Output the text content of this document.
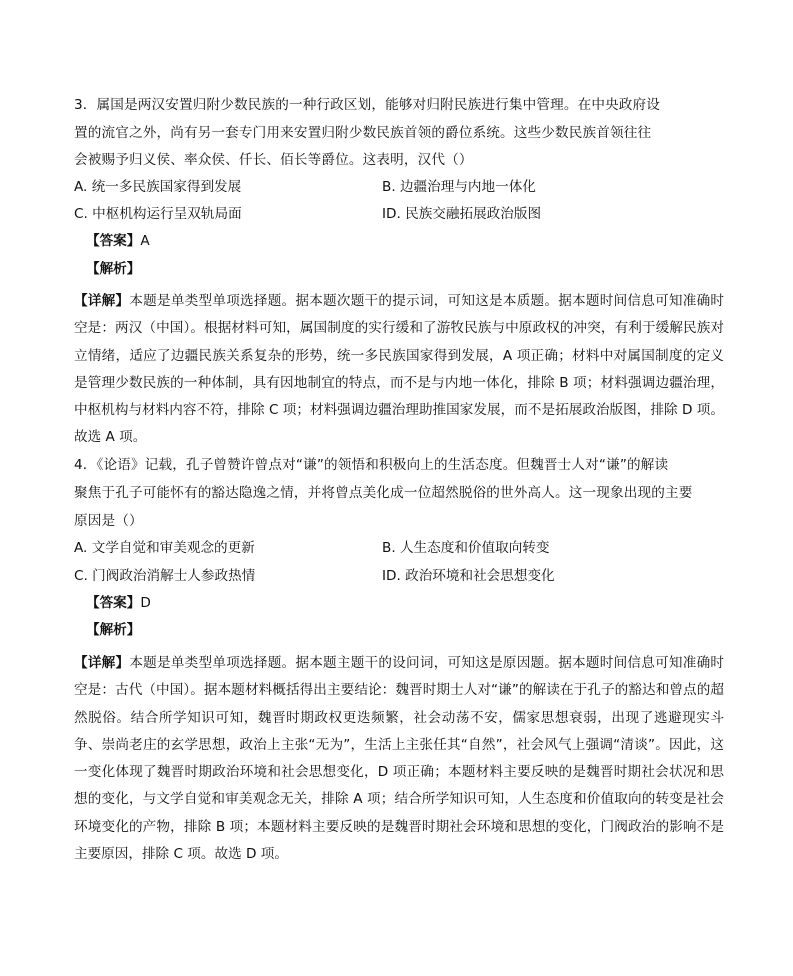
3．属国是两汉安置归附少数民族的一种行政区划，能够对归附民族进行集中管理。在中央政府设
置的流官之外，尚有另一套专门用来安置归附少数民族首领的爵位系统。这些少数民族首领往往
会被赐予归义侯、率众侯、仟长、佰长等爵位。这表明，汉代（）
A. 统一多民族国家得到发展	B. 边疆治理与内地一体化
C. 中枢机构运行呈双轨局面	ID. 民族交融拓展政治版图
【答案】A
【解析】
【详解】本题是单类型单项选择题。据本题次题干的提示词，可知这是本质题。据本题时间信息可知准确时空是：两汉（中国）。根据材料可知，属国制度的实行缓和了游牧民族与中原政权的冲突，有利于缓解民族对立情绪，适应了边疆民族关系复杂的形势，统一多民族国家得到发展，A 项正确；材料中对属国制度的定义是管理少数民族的一种体制，具有因地制宜的特点，而不是与内地一体化，排除 B 项；材料强调边疆治理，中枢机构与材料内容不符，排除 C 项；材料强调边疆治理助推国家发展，而不是拓展政治版图，排除 D 项。故选 A 项。
4．《论语》记载，孔子曾赞许曾点对“谦”的领悟和积极向上的生活态度。但魏晋士人对“谦”的解读
聚焦于孔子可能怀有的豁达隐逸之情，并将曾点美化成一位超然脱俗的世外高人。这一现象出现的主要
原因是（）
A. 文学自觉和审美观念的更新	B. 人生态度和价值取向转变
C. 门阀政治消解士人参政热情	ID. 政治环境和社会思想变化
【答案】D
【解析】
【详解】本题是单类型单项选择题。据本题主题干的设问词，可知这是原因题。据本题时间信息可知准确时空是：古代（中国）。据本题材料概括得出主要结论：魏晋时期士人对“谦”的解读在于孔子的豁达和曾点的超然脱俗。结合所学知识可知，魏晋时期政权更迭频繁，社会动荡不安，儒家思想衰弱，出现了逃避现实斗争、崇尚老庄的玄学思想，政治上主张“无为”，生活上主张任其“自然”，社会风气上强调“清谈”。因此，这一变化体现了魏晋时期政治环境和社会思想变化，D 项正确；本题材料主要反映的是魏晋时期社会状况和思想的变化，与文学自觉和审美观念无关，排除 A 项；结合所学知识可知，人生态度和价值取向的转变是社会环境变化的产物，排除 B 项；本题材料主要反映的是魏晋时期社会环境和思想的变化，门阀政治的影响不是主要原因，排除 C 项。故选 D 项。
